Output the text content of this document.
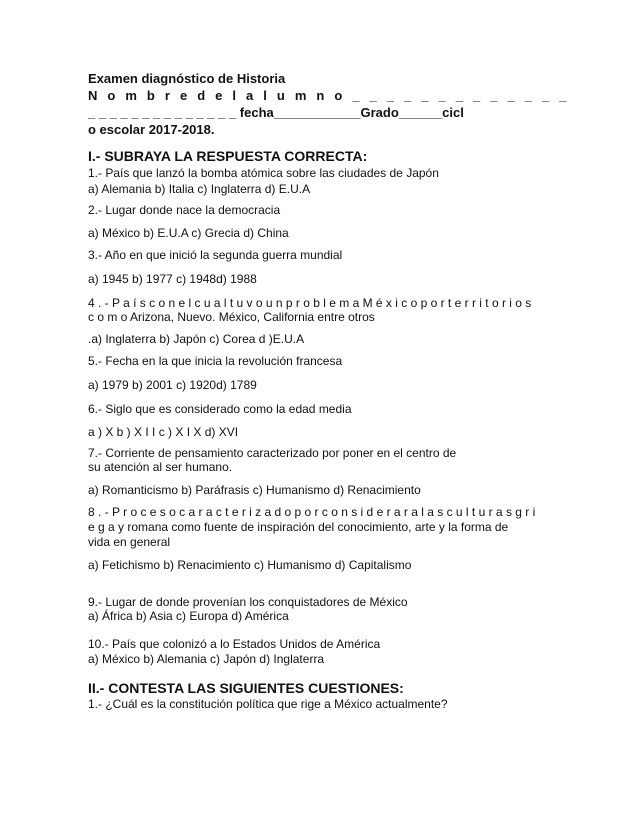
Examen diagnóstico de Historia
N o m b r e d e l a l u m n o _ _ _ _ _ _ _ _ _ _ _ _ _
_ _ _ _ _ _ _ _ _ _ _ _ _ _ fecha____________Grado______cicl
o escolar 2017-2018.
I.- SUBRAYA LA RESPUESTA CORRECTA:
1.- País que lanzó la bomba atómica sobre las ciudades de Japón
a) Alemania b) Italia c) Inglaterra d) E.U.A
2.- Lugar donde nace la democracia
a) México b) E.U.A c) Grecia d) China
3.- Año en que inició la segunda guerra mundial
a) 1945 b) 1977 c) 1948d) 1988
4 . - P a í s c o n e l c u a l t u v o u n p r o b l e m a M é x i c o p o r t e r r i t o r i o s
c o m o Arizona, Nuevo. México, California entre otros
.a) Inglaterra b) Japón c) Corea d )E.U.A
5.- Fecha en la que inicia la revolución francesa
a) 1979 b) 2001 c) 1920d) 1789
6.- Siglo que es considerado como la edad media
a ) X b ) X I I c ) X I X d) XVI
7.- Corriente de pensamiento caracterizado por poner en el centro de
su atención al ser humano.
a) Romanticismo b) Paráfrasis c) Humanismo d) Renacimiento
8 . - P r o c e s o c a r a c t e r i z a d o p o r c o n s i d e r a r a l a s c u l t u r a s g r i
e g a y romana como fuente de inspiración del conocimiento, arte y la forma de
vida en general
a) Fetichismo b) Renacimiento c) Humanismo d) Capitalismo
9.- Lugar de donde provenían los conquistadores de México
a) África b) Asia c) Europa d) América
10.- País que colonizó a lo Estados Unidos de América
a) México b) Alemania c) Japón d) Inglaterra
II.- CONTESTA LAS SIGUIENTES CUESTIONES:
1.- ¿Cuál es la constitución política que rige a México actualmente?
